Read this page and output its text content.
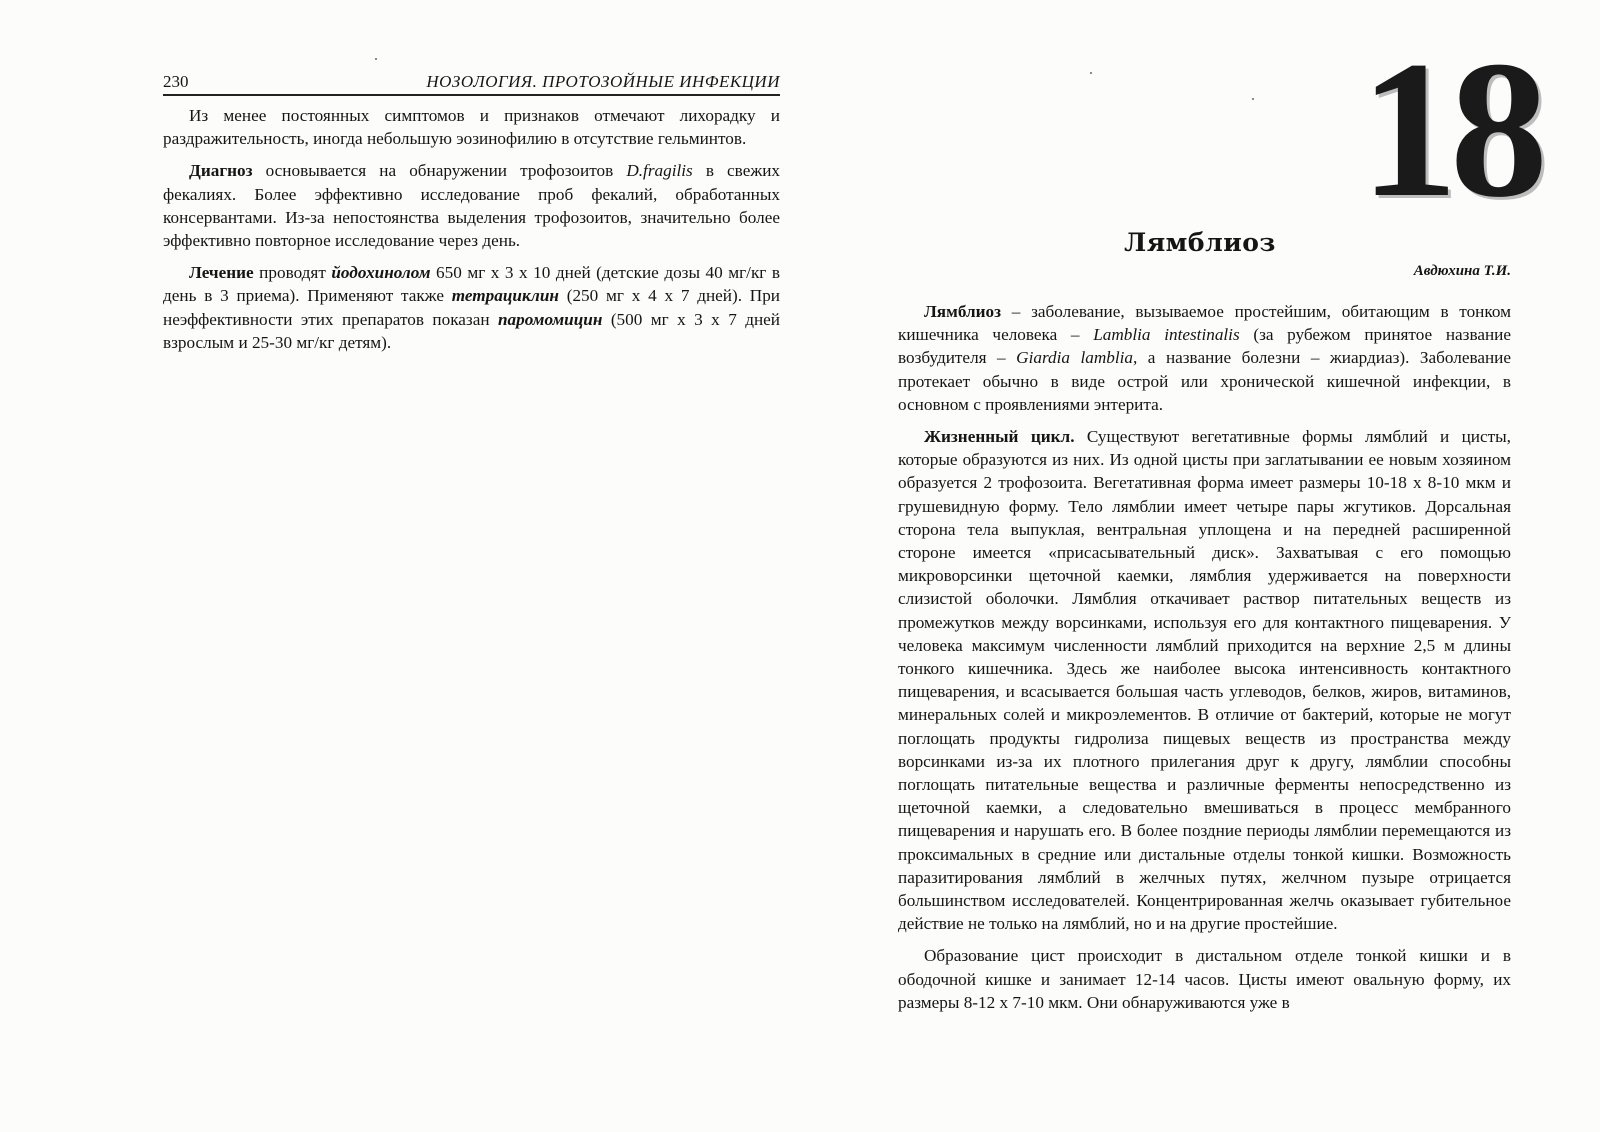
230	НОЗОЛОГИЯ. ПРОТОЗОЙНЫЕ ИНФЕКЦИИ

Из менее постоянных симптомов и признаков отмечают лихорадку и раздражительность, иногда небольшую эозинофилию в отсутствие гельминтов.

Диагноз основывается на обнаружении трофозоитов D.fragilis в свежих фекалиях. Более эффективно исследование проб фекалий, обработанных консервантами. Из-за непостоянства выделения трофозоитов, значительно более эффективно повторное исследование через день.

Лечение проводят йодохинолом 650 мг х 3 х 10 дней (детские дозы 40 мг/кг в день в 3 приема). Применяют также тетрациклин (250 мг х 4 х 7 дней). При неэффективности этих препаратов показан паромомицин (500 мг х 3 х 7 дней взрослым и 25-30 мг/кг детям).

18
Лямблиоз
Авдюхина Т.И.

Лямблиоз – заболевание, вызываемое простейшим, обитающим в тонком кишечника человека – Lamblia intestinalis (за рубежом принятое название возбудителя – Giardia lamblia, а название болезни – жиардиаз). Заболевание протекает обычно в виде острой или хронической кишечной инфекции, в основном с проявлениями энтерита.

Жизненный цикл. Существуют вегетативные формы лямблий и цисты, которые образуются из них. Из одной цисты при заглатывании ее новым хозяином образуется 2 трофозоита. Вегетативная форма имеет размеры 10-18 х 8-10 мкм и грушевидную форму. Тело лямблии имеет четыре пары жгутиков. Дорсальная сторона тела выпуклая, вентральная уплощена и на передней расширенной стороне имеется «присасывательный диск». Захватывая с его помощью микроворсинки щеточной каемки, лямблия удерживается на поверхности слизистой оболочки. Лямблия откачивает раствор питательных веществ из промежутков между ворсинками, используя его для контактного пищеварения. У человека максимум численности лямблий приходится на верхние 2,5 м длины тонкого кишечника. Здесь же наиболее высока интенсивность контактного пищеварения, и всасывается большая часть углеводов, белков, жиров, витаминов, минеральных солей и микроэлементов. В отличие от бактерий, которые не могут поглощать продукты гидролиза пищевых веществ из пространства между ворсинками из-за их плотного прилегания друг к другу, лямблии способны поглощать питательные вещества и различные ферменты непосредственно из щеточной каемки, а следовательно вмешиваться в процесс мембранного пищеварения и нарушать его. В более поздние периоды лямблии перемещаются из проксимальных в средние или дистальные отделы тонкой кишки. Возможность паразитирования лямблий в желчных путях, желчном пузыре отрицается большинством исследователей. Концентрированная желчь оказывает губительное действие не только на лямблий, но и на другие простейшие.

Образование цист происходит в дистальном отделе тонкой кишки и в ободочной кишке и занимает 12-14 часов. Цисты имеют овальную форму, их размеры 8-12 х 7-10 мкм. Они обнаруживаются уже в
